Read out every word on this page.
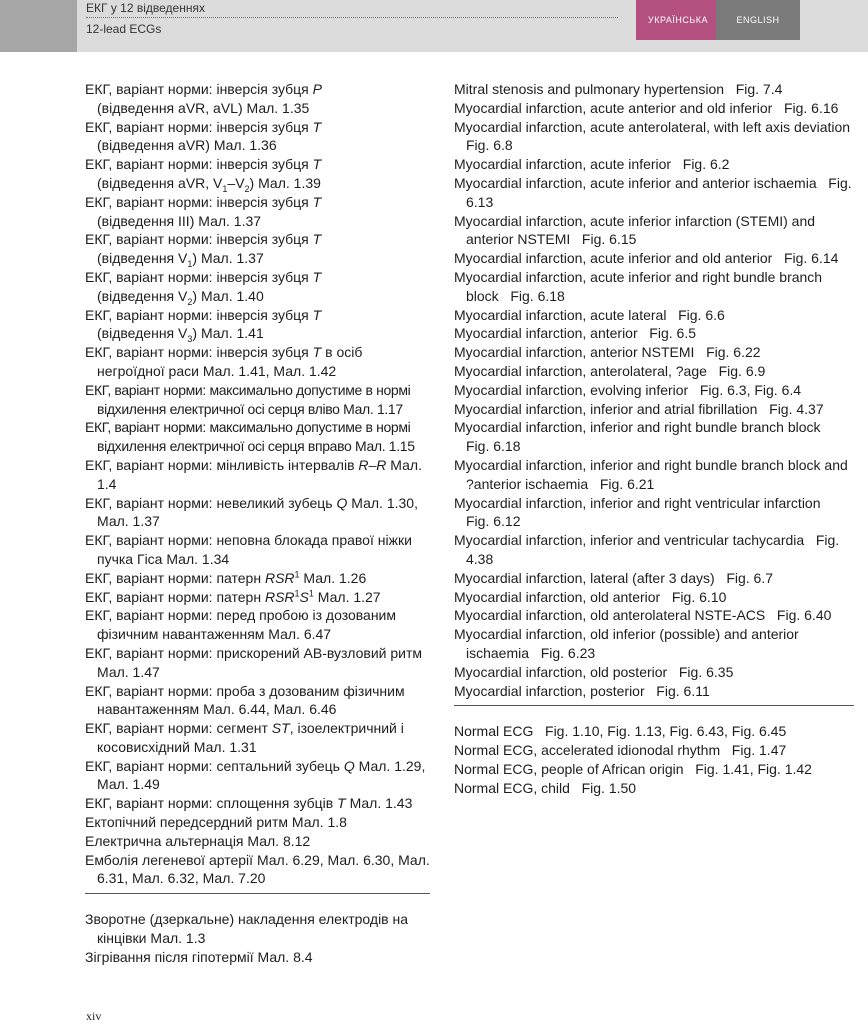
ЕКГ у 12 відведеннях
12-lead ECGs
УКРАЇНСЬКА	ENGLISH
ЕКГ, варіант норми: інверсія зубця P
(відведення aVR, aVL) Мал. 1.35
ЕКГ, варіант норми: інверсія зубця T
(відведення aVR) Мал. 1.36
ЕКГ, варіант норми: інверсія зубця T
(відведення aVR, $V_1-V_2$) Мал. 1.39
ЕКГ, варіант норми: інверсія зубця T
(відведення III) Мал. 1.37
ЕКГ, варіант норми: інверсія зубця T
(відведення $V_1$) Мал. 1.37
ЕКГ, варіант норми: інверсія зубця T
(відведення $V_2$) Мал. 1.40
ЕКГ, варіант норми: інверсія зубця T
(відведення $V_3$) Мал. 1.41
ЕКГ, варіант норми: інверсія зубця T в осіб
негроїдної раси Мал. 1.41, Мал. 1.42
ЕКГ, варіант норми: максимально допустиме в нормі відхилення електричної осі серця вліво Мал. 1.17
ЕКГ, варіант норми: максимально допустиме в нормі відхилення електричної осі серця вправо Мал. 1.15
ЕКГ, варіант норми: мінливість інтервалів R–R Мал. 1.4
ЕКГ, варіант норми: невеликий зубець Q Мал. 1.30, Мал. 1.37
ЕКГ, варіант норми: неповна блокада правої ніжки пучка Гіса Мал. 1.34
ЕКГ, варіант норми: патерн RSR$^1$ Мал. 1.26
ЕКГ, варіант норми: патерн $RSR^1S^1$ Мал. 1.27
ЕКГ, варіант норми: перед пробою із дозованим фізичним навантаженням Мал. 6.47
ЕКГ, варіант норми: прискорений АВ-вузловий ритм Мал. 1.47
ЕКГ, варіант норми: проба з дозованим фізичним навантаженням Мал. 6.44, Мал. 6.46
ЕКГ, варіант норми: сегмент ST, ізоелектричний і косовисхідний Мал. 1.31
ЕКГ, варіант норми: септальний зубець Q Мал. 1.29, Мал. 1.49
ЕКГ, варіант норми: сплощення зубців T Мал. 1.43
Ектопічний передсердний ритм Мал. 1.8
Електрична альтернація Мал. 8.12
Емболія легеневої артерії Мал. 6.29, Мал. 6.30, Мал. 6.31, Мал. 6.32, Мал. 7.20
Зворотне (дзеркальне) накладення електродів на кінцівки Мал. 1.3
Зігрівання після гіпотермії Мал. 8.4
Mitral stenosis and pulmonary hypertension   Fig. 7.4
Myocardial infarction, acute anterior and old inferior   Fig. 6.16
Myocardial infarction, acute anterolateral, with left axis deviation   Fig. 6.8
Myocardial infarction, acute inferior   Fig. 6.2
Myocardial infarction, acute inferior and anterior ischaemia   Fig. 6.13
Myocardial infarction, acute inferior infarction (STEMI) and anterior NSTEMI   Fig. 6.15
Myocardial infarction, acute inferior and old anterior   Fig. 6.14
Myocardial infarction, acute inferior and right bundle branch block   Fig. 6.18
Myocardial infarction, acute lateral   Fig. 6.6
Myocardial infarction, anterior   Fig. 6.5
Myocardial infarction, anterior NSTEMI   Fig. 6.22
Myocardial infarction, anterolateral, ?age   Fig. 6.9
Myocardial infarction, evolving inferior   Fig. 6.3, Fig. 6.4
Myocardial infarction, inferior and atrial fibrillation   Fig. 4.37
Myocardial infarction, inferior and right bundle branch block   Fig. 6.18
Myocardial infarction, inferior and right bundle branch block and ?anterior ischaemia   Fig. 6.21
Myocardial infarction, inferior and right ventricular infarction   Fig. 6.12
Myocardial infarction, inferior and ventricular tachycardia   Fig. 4.38
Myocardial infarction, lateral (after 3 days)   Fig. 6.7
Myocardial infarction, old anterior   Fig. 6.10
Myocardial infarction, old anterolateral NSTE-ACS   Fig. 6.40
Myocardial infarction, old inferior (possible) and anterior ischaemia   Fig. 6.23
Myocardial infarction, old posterior   Fig. 6.35
Myocardial infarction, posterior   Fig. 6.11
Normal ECG   Fig. 1.10, Fig. 1.13, Fig. 6.43, Fig. 6.45
Normal ECG, accelerated idionodal rhythm   Fig. 1.47
Normal ECG, people of African origin   Fig. 1.41, Fig. 1.42
Normal ECG, child   Fig. 1.50
xiv
